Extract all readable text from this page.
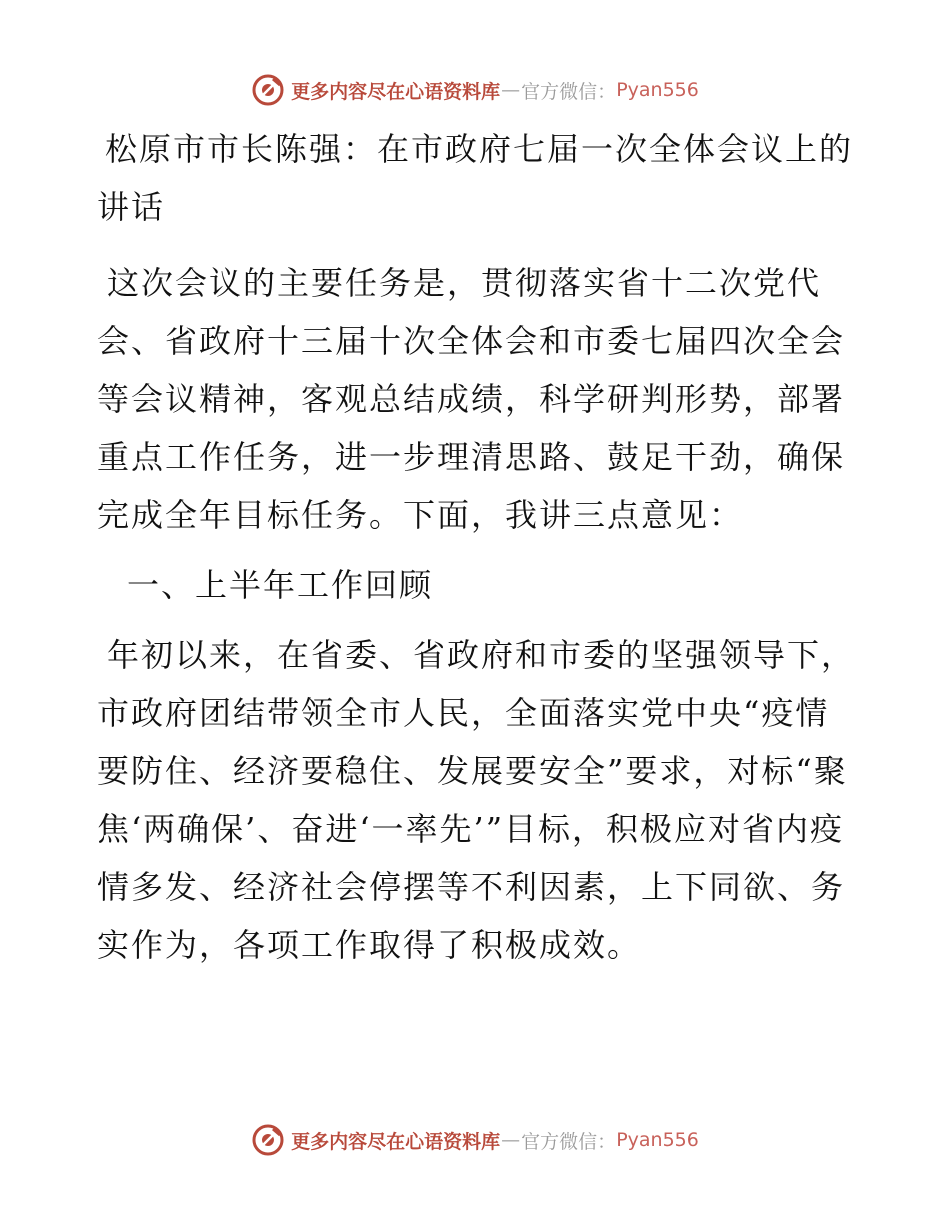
更多内容尽在心语资料库 — 官方微信： Pyan556

松原市市长陈强：在市政府七届一次全体会议上的讲话

这次会议的主要任务是，贯彻落实省十二次党代会、省政府十三届十次全体会和市委七届四次全会等会议精神，客观总结成绩，科学研判形势，部署重点工作任务，进一步理清思路、鼓足干劲，确保完成全年目标任务。下面，我讲三点意见：

一、上半年工作回顾

年初以来，在省委、省政府和市委的坚强领导下，市政府团结带领全市人民，全面落实党中央“疫情要防住、经济要稳住、发展要安全”要求，对标“聚焦‘两确保’、奋进‘一率先’”目标，积极应对省内疫情多发、经济社会停摆等不利因素，上下同欲、务实作为，各项工作取得了积极成效。

更多内容尽在心语资料库 — 官方微信： Pyan556
